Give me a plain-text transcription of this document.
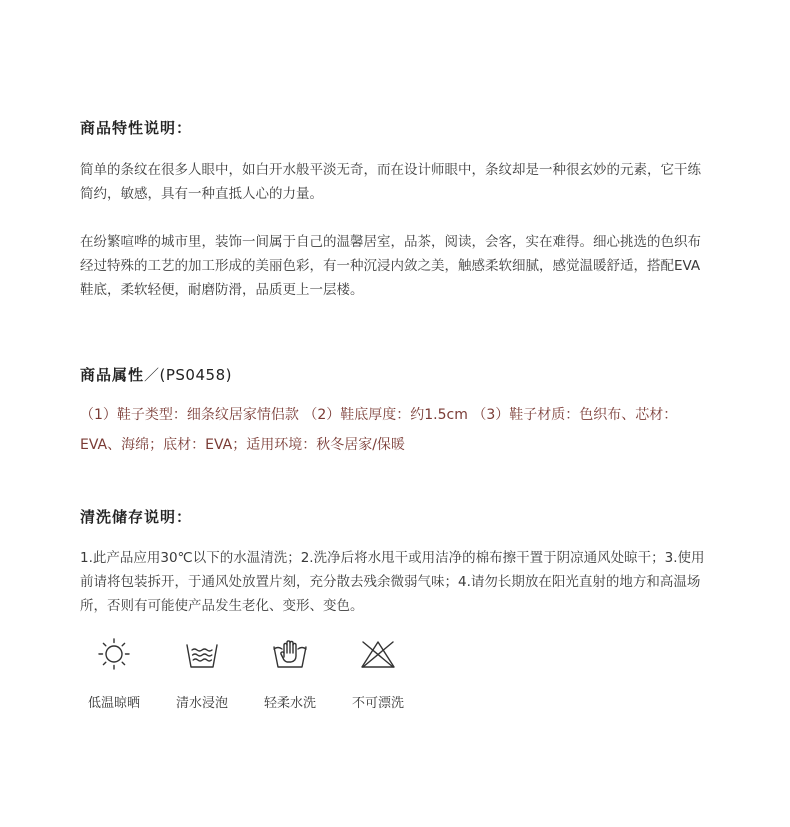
商品特性说明：

简单的条纹在很多人眼中，如白开水般平淡无奇，而在设计师眼中，条纹却是一种很玄妙的元素，它干练简约，敏感，具有一种直抵人心的力量。

在纷繁喧哗的城市里，装饰一间属于自己的温馨居室，品茶，阅读，会客，实在难得。细心挑选的色织布经过特殊的工艺的加工形成的美丽色彩，有一种沉浸内敛之美，触感柔软细腻，感觉温暖舒适，搭配EVA鞋底，柔软轻便，耐磨防滑，品质更上一层楼。

商品属性／(PS0458)

（1）鞋子类型：细条纹居家情侣款 （2）鞋底厚度：约1.5cm （3）鞋子材质：色织布、芯材：EVA、海绵；底材：EVA；适用环境：秋冬居家/保暖

清洗储存说明：

1.此产品应用30℃以下的水温清洗；2.洗净后将水甩干或用洁净的棉布擦干置于阴凉通风处晾干；3.使用前请将包装拆开，于通风处放置片刻，充分散去残余微弱气味；4.请勿长期放在阳光直射的地方和高温场所，否则有可能使产品发生老化、变形、变色。

低温晾晒	清水浸泡	轻柔水洗	不可漂洗
